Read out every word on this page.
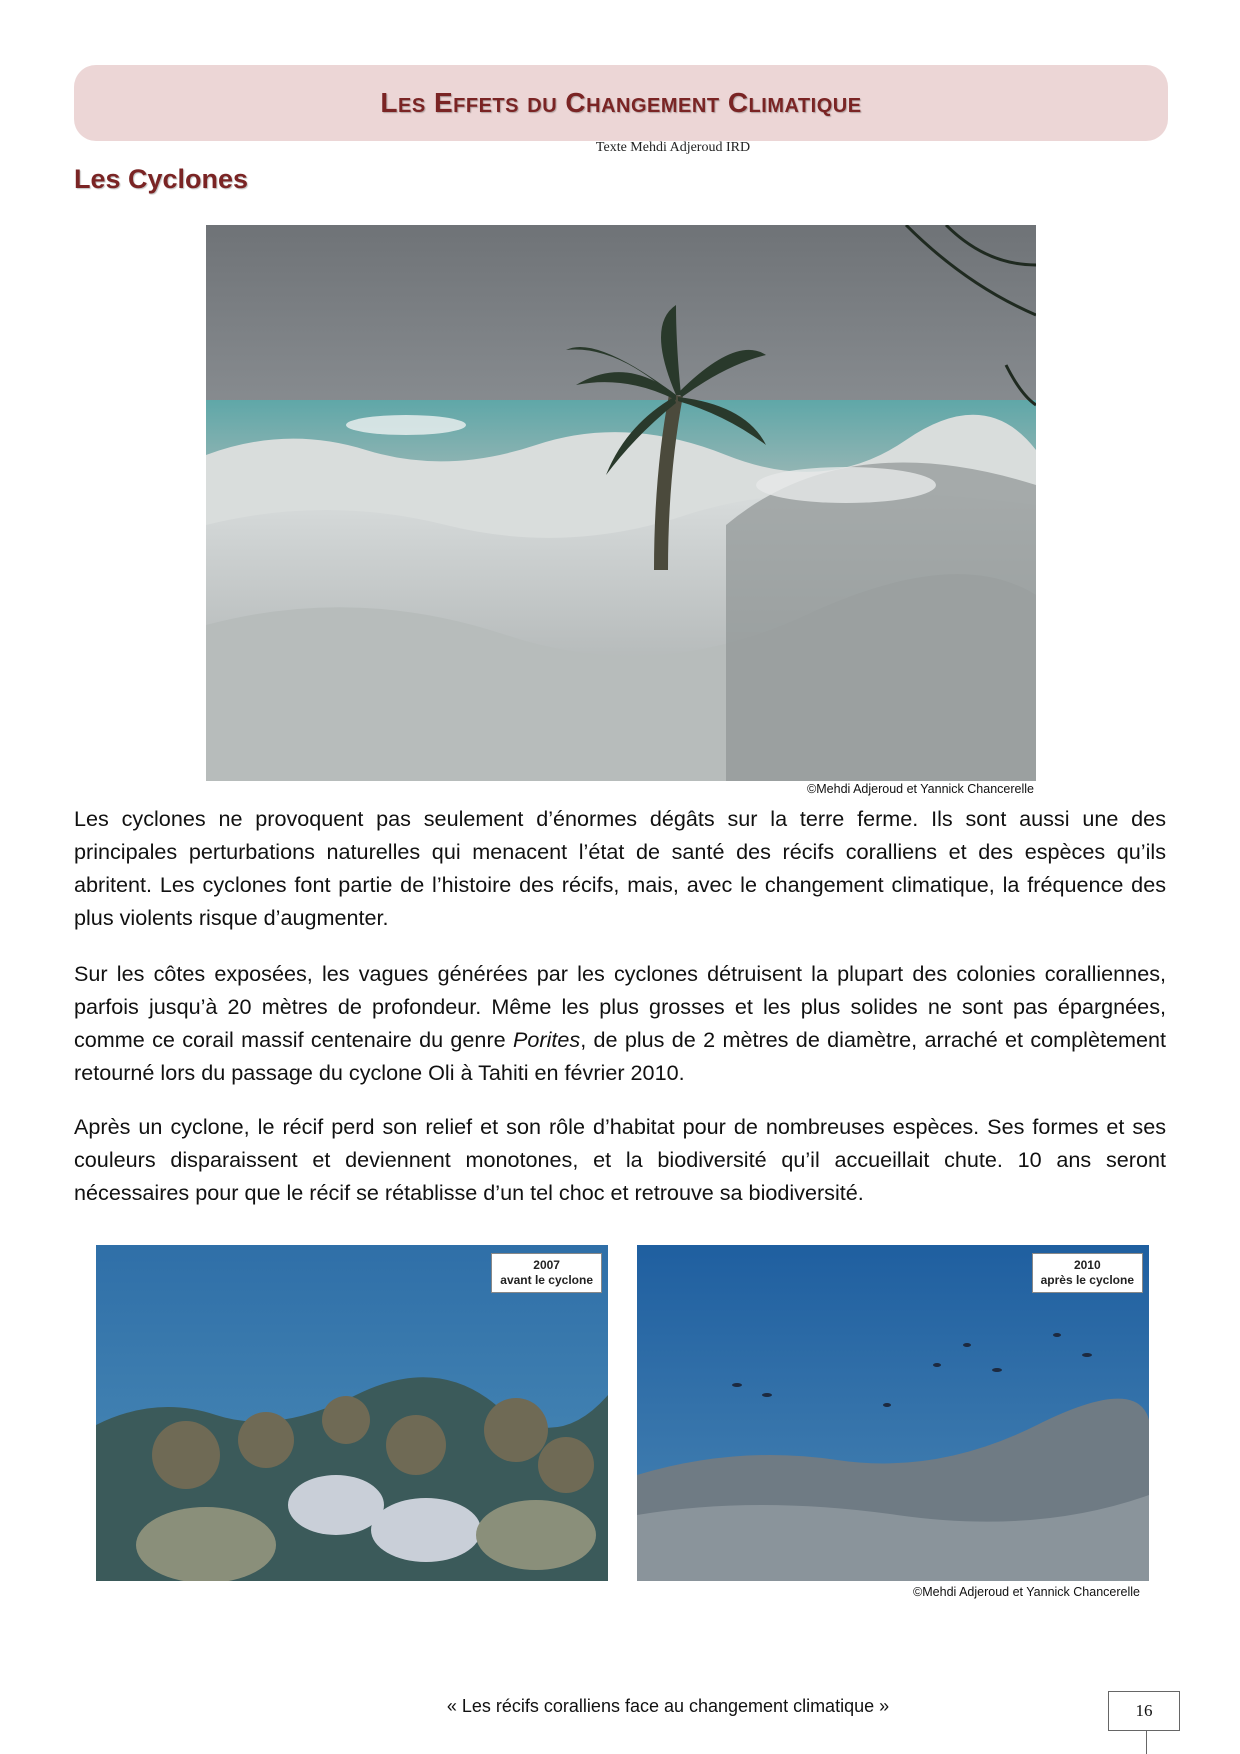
Les Effets du Changement Climatique
Texte Mehdi Adjeroud IRD
Les Cyclones
©Mehdi Adjeroud et Yannick Chancerelle
Les cyclones ne provoquent pas seulement d’énormes dégâts sur la terre ferme. Ils sont aussi une des principales perturbations naturelles qui menacent l’état de santé des récifs coralliens et des espèces qu’ils abritent. Les cyclones font partie de l’histoire des récifs, mais, avec le changement climatique, la fréquence des plus violents risque d’augmenter.
Sur les côtes exposées, les vagues générées par les cyclones détruisent la plupart des colonies coralliennes, parfois jusqu’à 20 mètres de profondeur. Même les plus grosses et les plus solides ne sont pas épargnées, comme ce corail massif centenaire du genre Porites, de plus de 2 mètres de diamètre, arraché et complètement retourné lors du passage du cyclone Oli à Tahiti en février 2010.
Après un cyclone, le récif perd son relief et son rôle d’habitat pour de nombreuses espèces. Ses formes et ses couleurs disparaissent et deviennent monotones, et la biodiversité qu’il accueillait chute. 10 ans seront nécessaires pour que le récif se rétablisse d’un tel choc et retrouve sa biodiversité.
2007
avant le cyclone
2010
après le cyclone
©Mehdi Adjeroud et Yannick Chancerelle
« Les récifs coralliens face au changement climatique »	16
